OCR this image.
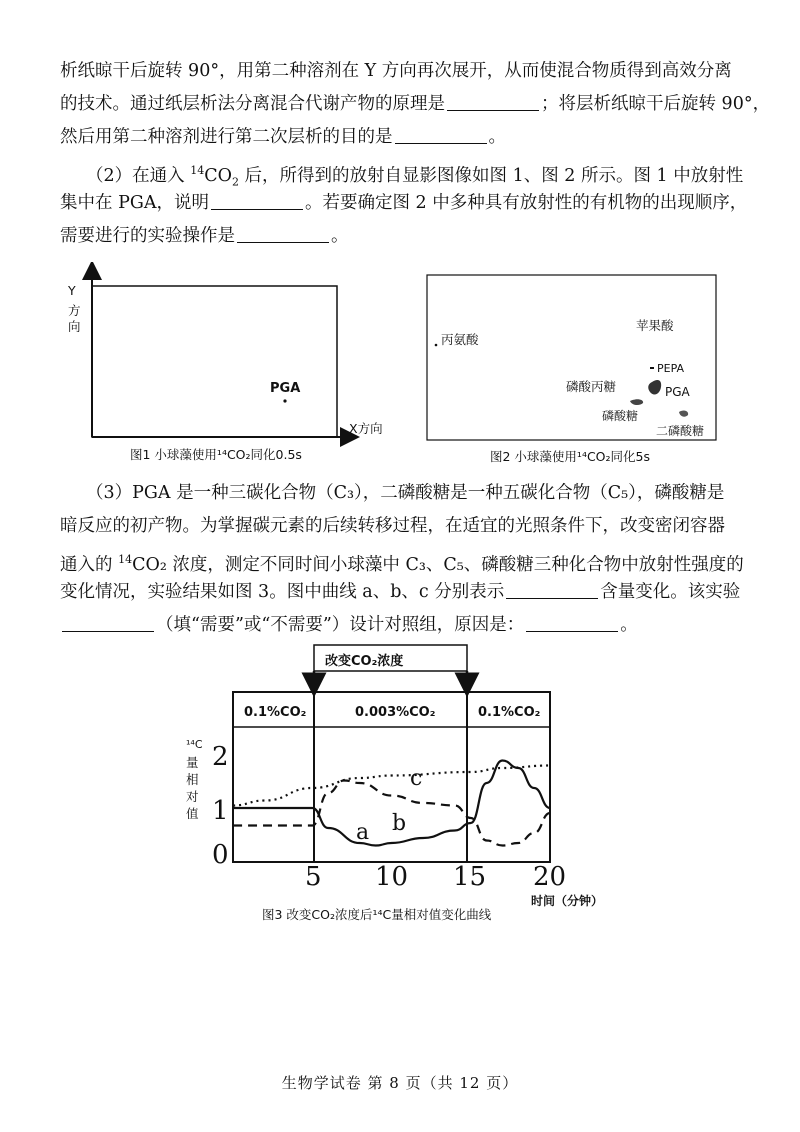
析纸晾干后旋转 90°，用第二种溶剂在 Y 方向再次展开，从而使混合物质得到高效分离
的技术。通过纸层析法分离混合代谢产物的原理是	；将层析纸晾干后旋转 90°，
然后用第二种溶剂进行第二次层析的目的是	。
（2）在通入 $^{14}CO_2$ 后，所得到的放射自显影图像如图 1、图 2 所示。图 1 中放射性
集中在 PGA，说明	。若要确定图 2 中多种具有放射性的有机物的出现顺序，
需要进行的实验操作是	。
Y
方
向
X方向
PGA
图1 小球藻使用¹⁴CO₂同化0.5s
丙氨酸
苹果酸
PEPA
磷酸丙糖	PGA
磷酸糖
二磷酸糖
图2 小球藻使用¹⁴CO₂同化5s
（3）PGA 是一种三碳化合物（C₃），二磷酸糖是一种五碳化合物（C₅），磷酸糖是
暗反应的初产物。为掌握碳元素的后续转移过程，在适宜的光照条件下，改变密闭容器
通入的 $^{14}$CO₂ 浓度，测定不同时间小球藻中 C₃、C₅、磷酸糖三种化合物中放射性强度的
变化情况，实验结果如图 3。图中曲线 a、b、c 分别表示	含量变化。该实验
（填“需要”或“不需要”）设计对照组，原因是：	。
改变CO₂浓度
0.1%CO₂	0.003%CO₂	0.1%CO₂
¹⁴C
量
相
对
值
2
1
0
5 10 15 20
时间（分钟）
a b
c
图3 改变CO₂浓度后¹⁴C量相对值变化曲线
生物学试卷 第 8 页（共 12 页）
